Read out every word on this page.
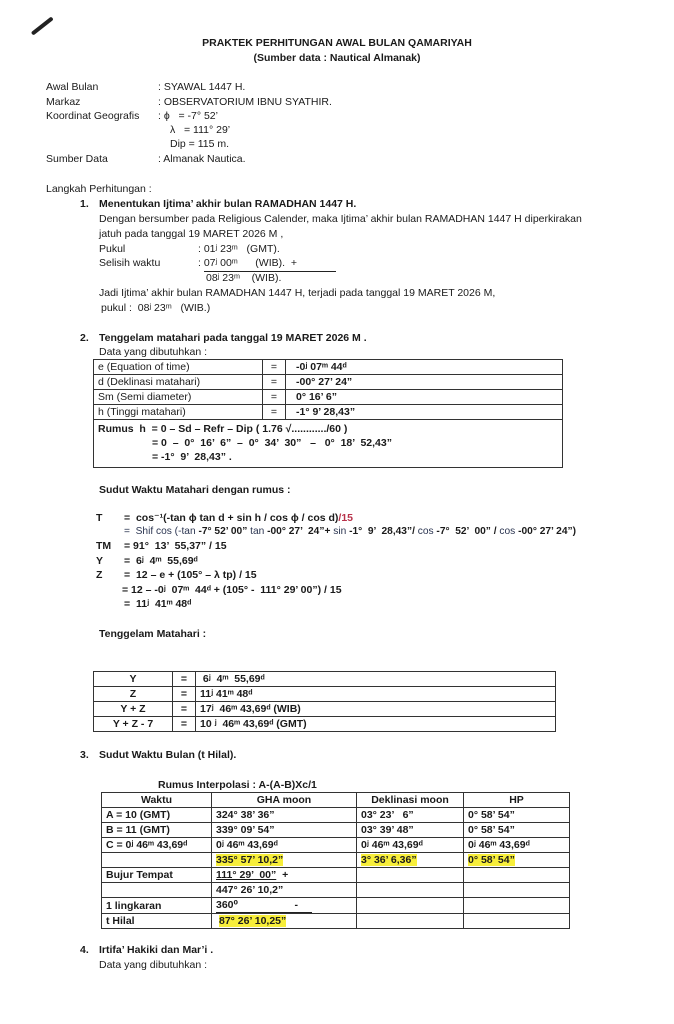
PRAKTEK PERHITUNGAN AWAL BULAN QAMARIYAH
(Sumber data : Nautical Almanak)
Awal Bulan	: SYAWAL 1447 H.
Markaz	: OBSERVATORIUM IBNU SYATHIR.
Koordinat Geografis : ϕ   = -7° 52’
λ   = 111° 29’
Dip = 115 m.
Sumber Data	: Almanak Nautica.
Langkah Perhitungan :
1. Menentukan Ijtima’ akhir bulan RAMADHAN 1447 H.
Dengan bersumber pada Religious Calender, maka Ijtima’ akhir bulan RAMADHAN 1447 H diperkirakan
jatuh pada tanggal 19 MARET 2026 M ,
Pukul	: 01ʲ 23ᵐ   (GMT).
Selisih waktu	: 07ʲ 00ᵐ      (WIB).  +
08ʲ 23ᵐ    (WIB).
Jadi Ijtima’ akhir bulan RAMADHAN 1447 H, terjadi pada tanggal 19 MARET 2026 M,
pukul :  08ʲ 23ᵐ   (WIB.)
2. Tenggelam matahari pada tanggal 19 MARET 2026 M .
Data yang dibutuhkan :
e (Equation of time)	=	-0ʲ 07ᵐ 44ᵈ
d (Deklinasi matahari)	=	-00° 27’ 24”
Sm (Semi diameter)	=	0° 16’ 6”
h (Tinggi matahari)	=	-1° 9’ 28,43”

Rumus  h  = 0 – Sd – Refr – Dip ( 1.76 √............/60 )
= 0  –  0°  16’  6”  –  0°  34’  30”   –   0°  18’  52,43”
= -1°  9’  28,43” .		
Sudut Waktu Matahari dengan rumus :
T =  cos⁻¹(-tan ϕ tan d + sin h / cos ϕ / cos d)/15
=  Shif cos (-tan -7° 52’ 00” tan -00° 27’  24”+ sin -1°  9’  28,43”/ cos -7°  52’  00” / cos -00° 27’ 24”)
TM = 91°  13’  55,37” / 15
Y =  6ʲ  4ᵐ  55,69ᵈ
Z =  12 – e + (105° – λ tp) / 15
= 12 – -0ʲ  07ᵐ  44ᵈ + (105° -  111° 29’ 00”) / 15
=  11ʲ  41ᵐ 48ᵈ
Tenggelam Matahari :
Y	=	6ʲ  4ᵐ  55,69ᵈ
Z	=	11ʲ 41ᵐ 48ᵈ
Y + Z	=	17ʲ  46ᵐ 43,69ᵈ (WIB)
Y + Z - 7	=	10 ʲ  46ᵐ 43,69ᵈ (GMT)
3. Sudut Waktu Bulan (t Hilal).
Rumus Interpolasi : A-(A-B)Xc/1
Waktu	GHA moon	Deklinasi moon	HP
A = 10 (GMT)	324° 38’ 36”	03° 23’   6”	0° 58’ 54”
B = 11 (GMT)	339° 09’ 54”	03° 39’ 48”	0° 58’ 54”
C = 0ʲ 46ᵐ 43,69ᵈ	0ʲ 46ᵐ 43,69ᵈ	0ʲ 46ᵐ 43,69ᵈ	0ʲ 46ᵐ 43,69ᵈ
	335° 57’ 10,2”	3° 36’ 6,36”	0° 58’ 54”
Bujur Tempat	111° 29’  00” +		
	447° 26’ 10,2”		
1 lingkaran	360⁰ -		

t Hilal	87° 26’ 10,25”		
4. Irtifa’ Hakiki dan Mar’i .
Data yang dibutuhkan :
